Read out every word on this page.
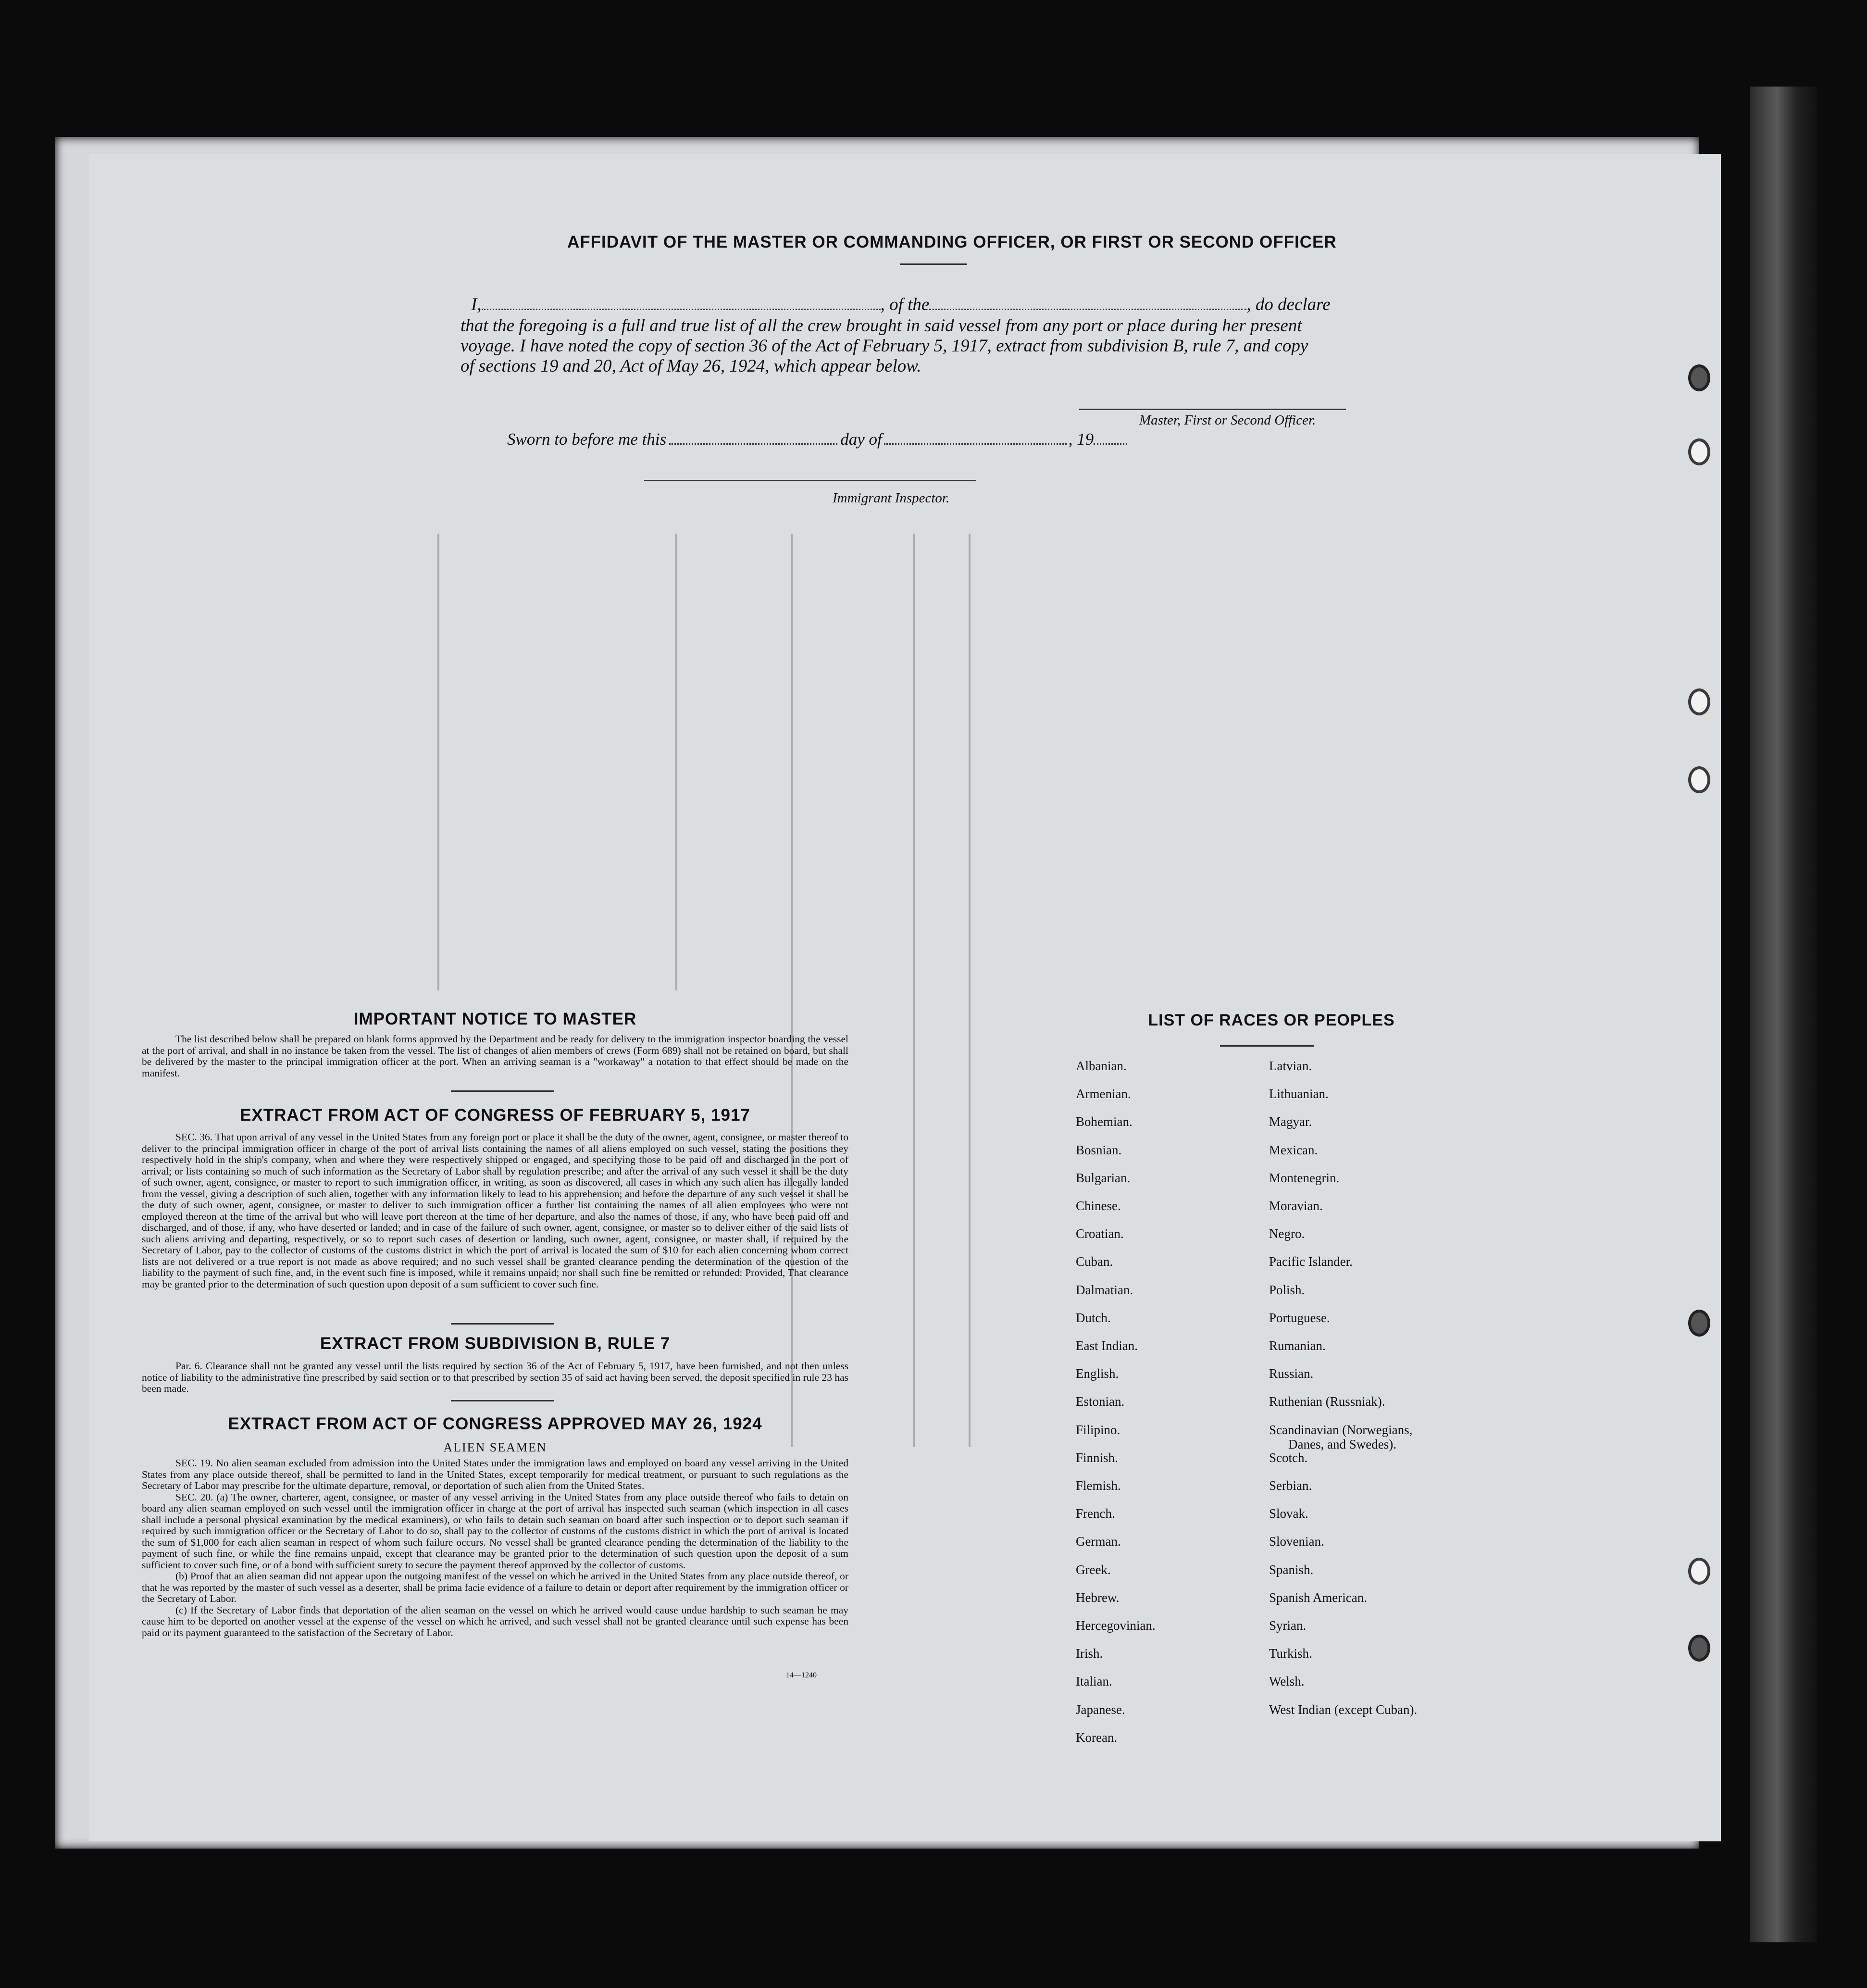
AFFIDAVIT OF THE MASTER OR COMMANDING OFFICER, OR FIRST OR SECOND OFFICER
I,	, of the	, do declare
that the foregoing is a full and true list of all the crew brought in said vessel from any port or place during her present
voyage. I have noted the copy of section 36 of the Act of February 5, 1917, extract from subdivision B, rule 7, and copy
of sections 19 and 20, Act of May 26, 1924, which appear below.
Master, First or Second Officer.
Sworn to before me this	day of	, 19
Immigrant Inspector.
IMPORTANT NOTICE TO MASTER
The list described below shall be prepared on blank forms approved by the Department and be ready for delivery to the immigration inspector boarding the vessel at the port of arrival, and shall in no instance be taken from the vessel. The list of changes of alien members of crews (Form 689) shall not be retained on board, but shall be delivered by the master to the principal immigration officer at the port. When an arriving seaman is a "workaway" a notation to that effect should be made on the manifest.
EXTRACT FROM ACT OF CONGRESS OF FEBRUARY 5, 1917
SEC. 36. That upon arrival of any vessel in the United States from any foreign port or place it shall be the duty of the owner, agent, consignee, or master thereof to deliver to the principal immigration officer in charge of the port of arrival lists containing the names of all aliens employed on such vessel, stating the positions they respectively hold in the ship's company, when and where they were respectively shipped or engaged, and specifying those to be paid off and discharged in the port of arrival; or lists containing so much of such information as the Secretary of Labor shall by regulation prescribe; and after the arrival of any such vessel it shall be the duty of such owner, agent, consignee, or master to report to such immigration officer, in writing, as soon as discovered, all cases in which any such alien has illegally landed from the vessel, giving a description of such alien, together with any information likely to lead to his apprehension; and before the departure of any such vessel it shall be the duty of such owner, agent, consignee, or master to deliver to such immigration officer a further list containing the names of all alien employees who were not employed thereon at the time of the arrival but who will leave port thereon at the time of her departure, and also the names of those, if any, who have been paid off and discharged, and of those, if any, who have deserted or landed; and in case of the failure of such owner, agent, consignee, or master so to deliver either of the said lists of such aliens arriving and departing, respectively, or so to report such cases of desertion or landing, such owner, agent, consignee, or master shall, if required by the Secretary of Labor, pay to the collector of customs of the customs district in which the port of arrival is located the sum of $10 for each alien concerning whom correct lists are not delivered or a true report is not made as above required; and no such vessel shall be granted clearance pending the determination of the question of the liability to the payment of such fine, and, in the event such fine is imposed, while it remains unpaid; nor shall such fine be remitted or refunded: Provided, That clearance may be granted prior to the determination of such question upon deposit of a sum sufficient to cover such fine.
EXTRACT FROM SUBDIVISION B, RULE 7
Par. 6. Clearance shall not be granted any vessel until the lists required by section 36 of the Act of February 5, 1917, have been furnished, and not then unless notice of liability to the administrative fine prescribed by said section or to that prescribed by section 35 of said act having been served, the deposit specified in rule 23 has been made.
EXTRACT FROM ACT OF CONGRESS APPROVED MAY 26, 1924
ALIEN SEAMEN

SEC. 19. No alien seaman excluded from admission into the United States under the immigration laws and employed on board any vessel arriving in the United States from any place outside thereof, shall be permitted to land in the United States, except temporarily for medical treatment, or pursuant to such regulations as the Secretary of Labor may prescribe for the ultimate departure, removal, or deportation of such alien from the United States.

SEC. 20. (a) The owner, charterer, agent, consignee, or master of any vessel arriving in the United States from any place outside thereof who fails to detain on board any alien seaman employed on such vessel until the immigration officer in charge at the port of arrival has inspected such seaman (which inspection in all cases shall include a personal physical examination by the medical examiners), or who fails to detain such seaman on board after such inspection or to deport such seaman if required by such immigration officer or the Secretary of Labor to do so, shall pay to the collector of customs of the customs district in which the port of arrival is located the sum of $1,000 for each alien seaman in respect of whom such failure occurs. No vessel shall be granted clearance pending the determination of the liability to the payment of such fine, or while the fine remains unpaid, except that clearance may be granted prior to the determination of such question upon the deposit of a sum sufficient to cover such fine, or of a bond with sufficient surety to secure the payment thereof approved by the collector of customs.

(b) Proof that an alien seaman did not appear upon the outgoing manifest of the vessel on which he arrived in the United States from any place outside thereof, or that he was reported by the master of such vessel as a deserter, shall be prima facie evidence of a failure to detain or deport after requirement by the immigration officer or the Secretary of Labor.

(c) If the Secretary of Labor finds that deportation of the alien seaman on the vessel on which he arrived would cause undue hardship to such seaman he may cause him to be deported on another vessel at the expense of the vessel on which he arrived, and such vessel shall not be granted clearance until such expense has been paid or its payment guaranteed to the satisfaction of the Secretary of Labor.

14—1240
LIST OF RACES OR PEOPLES
Albanian.
Armenian.
Bohemian.
Bosnian.
Bulgarian.
Chinese.
Croatian.
Cuban.
Dalmatian.
Dutch.
East Indian.
English.
Estonian.
Filipino.
Finnish.
Flemish.
French.
German.
Greek.
Hebrew.
Hercegovinian.
Irish.
Italian.
Japanese.
Korean.
Latvian.
Lithuanian.
Magyar.
Mexican.
Montenegrin.
Moravian.
Negro.
Pacific Islander.
Polish.
Portuguese.
Rumanian.
Russian.
Ruthenian (Russniak).
Scandinavian (Norwegians,
Danes, and Swedes).
Scotch.
Serbian.
Slovak.
Slovenian.
Spanish.
Spanish American.
Syrian.
Turkish.
Welsh.
West Indian (except Cuban).
